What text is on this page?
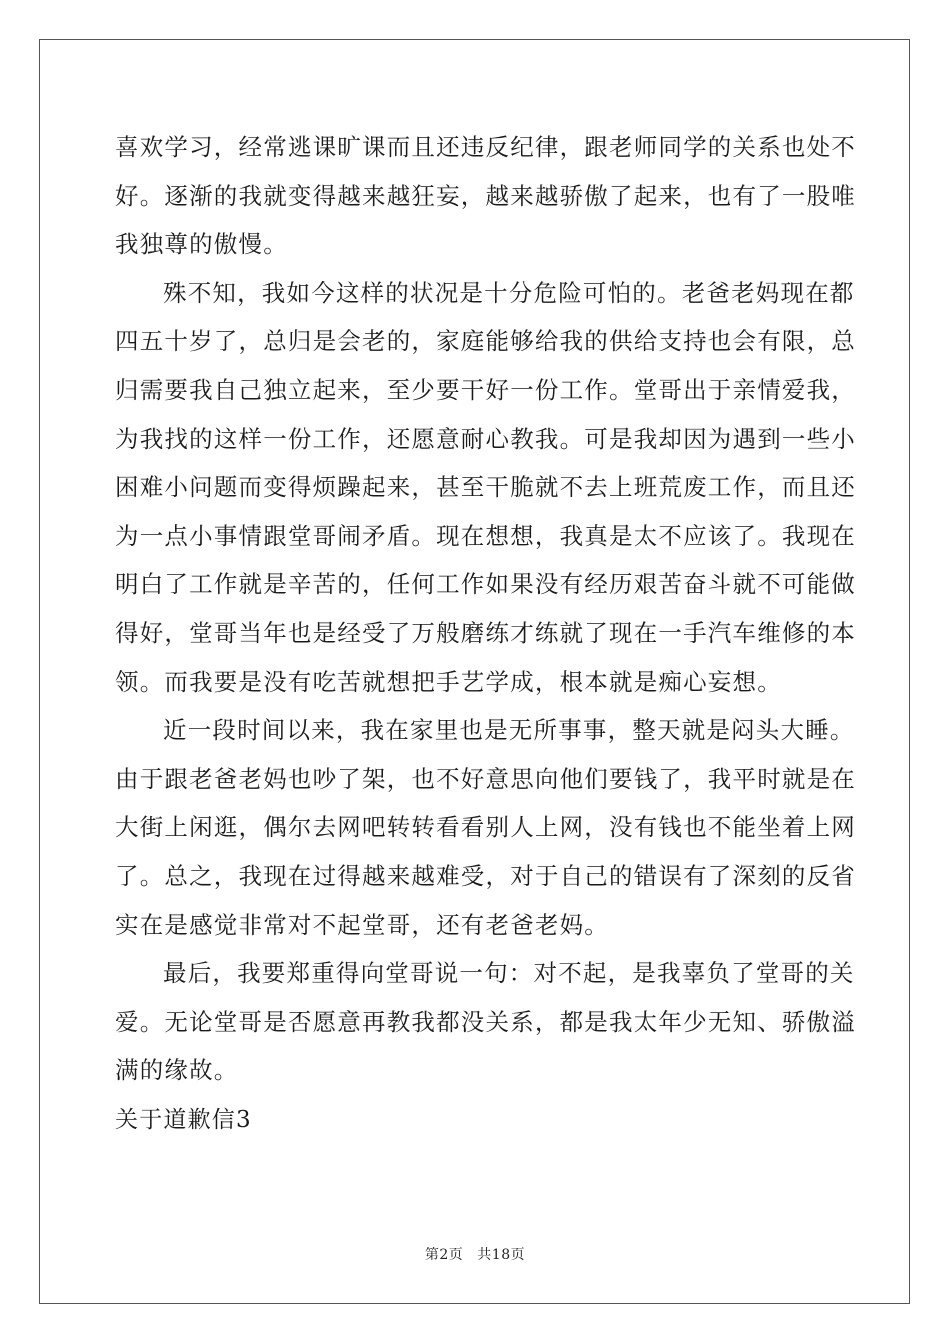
喜欢学习，经常逃课旷课而且还违反纪律，跟老师同学的关系也处不
好。逐渐的我就变得越来越狂妄，越来越骄傲了起来，也有了一股唯
我独尊的傲慢。
殊不知，我如今这样的状况是十分危险可怕的。老爸老妈现在都
四五十岁了，总归是会老的，家庭能够给我的供给支持也会有限，总
归需要我自己独立起来，至少要干好一份工作。堂哥出于亲情爱我，
为我找的这样一份工作，还愿意耐心教我。可是我却因为遇到一些小
困难小问题而变得烦躁起来，甚至干脆就不去上班荒废工作，而且还
为一点小事情跟堂哥闹矛盾。现在想想，我真是太不应该了。我现在
明白了工作就是辛苦的，任何工作如果没有经历艰苦奋斗就不可能做
得好，堂哥当年也是经受了万般磨练才练就了现在一手汽车维修的本
领。而我要是没有吃苦就想把手艺学成，根本就是痴心妄想。
近一段时间以来，我在家里也是无所事事，整天就是闷头大睡。
由于跟老爸老妈也吵了架，也不好意思向他们要钱了，我平时就是在
大街上闲逛，偶尔去网吧转转看看别人上网，没有钱也不能坐着上网
了。总之，我现在过得越来越难受，对于自己的错误有了深刻的反省
实在是感觉非常对不起堂哥，还有老爸老妈。
最后，我要郑重得向堂哥说一句：对不起，是我辜负了堂哥的关
爱。无论堂哥是否愿意再教我都没关系，都是我太年少无知、骄傲溢
满的缘故。
关于道歉信3
第2页 共18页
